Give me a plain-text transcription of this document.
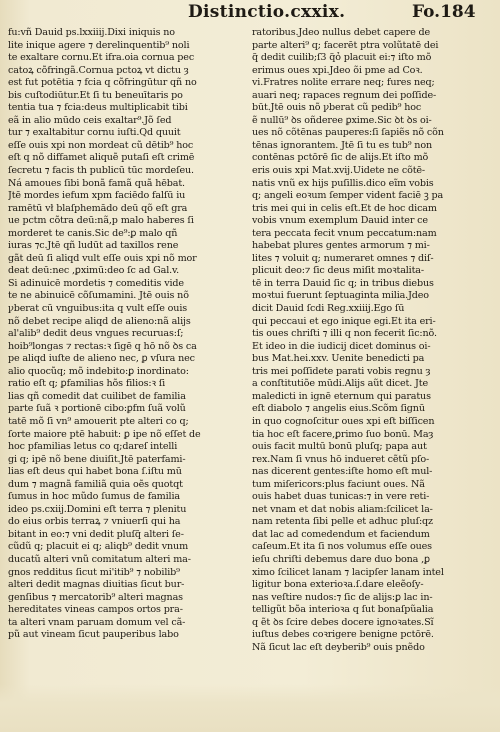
Distinctio.cxxix.	Fo.184
fu:vñ Dauid ps.lxxiiij.Dixi iniquis no
lite inique agere ⁊ derelinquentib⁹ noli
te exaltare cornu.Et ifra.oia cornua pec
catoꝝ cõfringã.Cornua pctoꝝ vt dictu ȝ
est fut potētia ⁊ fcia q cõfringūtur qñ no
bis cuſtodiūtur.Et ſi tu beneuītaris po
tentia tua ⁊ fcia:deus multiplicabit tibi
eã in alio mūdo ceis exaltar⁹.Jõ ſed
tur ⁊ exaltabitur cornu iuſti.Qd quuit
eſſe ouis xpi non mordeat cũ dētib⁹ hoc
eſt q nõ diffamet aliquẽ putaſi eſt crimē
ſecretu ⁊ facis th publicū tūc mordeſeu.
Ná amoues ſibi bonã famã quã hēbat.
Jtē mordes iefum xpm faciēdo falſū iu
ramētū vł blaſphemādo deū qõ eſt gra
ue pctm cõtra deū:nã,p malo haberes ſi
morderet te canis.Sic de⁹:ꝑ malo qñ
iuras ⁊c.Jtē qñ ludūt ad taxillos rene
gãt deū ſi aliqd vult eſſe ouis xpi nõ mor
deat deū:nec ,ꝑximū:deo ſc ad Gal.v.
Si adinuicē mordetis ⁊ comeditis vide
te ne abinuicē cõſumamini. Jtē ouis nõ
ꝩberat cū vnguibus:ita q vult eſſe ouis
nõ debet recipe aliqd de alieno:nã alijs
al'alib⁹ dedit deus vngues recuruas:ſ;
hoib⁹longas ⁊ rectas:ꝛ ſigē q hō nõ ꝺs ca
pe aliqd iuſte de alieno nec, ꝑ vſura nec
alio quocũq; mõ indebito:ꝑ inordinato:
ratio eſt q; ꝑfamilias hõs filios:ꝛ ſi
lias qñ comedit dat cuilibet de familia
parte ſuã ꝛ portionē cibo:ꝑfm ſuã volũ
tatē mõ ſi vn⁹ amouerit pte alteri co q;
ſorte maiore ptē habuit: ꝑ ipe nõ eſſet de
hoc pfamilias letus co q;dareſ intelli
gi q; ipē nõ bene diuiſit.Jtē paterfami-
lias eſt deus qui habet bona ſ.iſtu mū
dum ⁊ magnã familiã quia oẽs quotqt
ſumus in hoc mũdo ſumus de familia
ideo ps.cxiij.Domini eſt terra ⁊ plenitu
do eius orbis terraꝝ ⁊ vniuerſi qui ha
bitant in eo:⁊ vni dedit pluſq̃ alteri ſe-
cũdũ q; placuit ei q; aliqb⁹ dedit vnum
ducatũ alteri vnũ comitatum alteri ma-
gnos redditus ſicut mi'itib⁹ ⁊ nobilib⁹
alteri dedit magnas diuitias ſicut bur-
genſibus ⁊ mercatorib⁹ alteri magnas
hereditates vineas campos ortos pra-
ta alteri vnam paruam domum vel cã-
pũ aut vineam ſicut pauperibus labo
ratoribus.Jdeo nullus debet capere de
parte alteri⁹ q; facerēt ptra volũtatē dei
q̃ dedit cuilib;ſ3 q̃ỏ placuit ei:⁊ iſto mõ
erimus oues xpi.Jdeo õi pme ad Coꝛ.
vi.Fratres nolite errare neq; fures neq;
auari neq; rapaces regnum dei poſſide-
būt.Jtē ouis nõ ꝩberat cũ pedib⁹ hoc
ẽ nullū⁹ ꝺs oñderee ꝑxime.Sic ꝺt ꝺs oi-
ues nõ cõtēnas pauperes:ſi ſapiẽs nõ cõn
tēnas ignorantem. Jtē ſi tu es tub⁹ non
contēnas pctōrē ſic de alijs.Et iſto mõ
eris ouis xpi Mat.xvij.Uidete ne cõtē-
natis vnũ ex hijs puſillis.dico eĩm vobis
q; angeli eoꝛum ſemper vident faciē ꝫ pa
tris mei qui in celis eſt.Et de hoc dicam
vobis vnum exemplum Dauid inter ce
tera peccata fecit vnum peccatum:nam
habebat plures gentes armorum ⁊ mi-
lites ⁊ voluit q; numeraret omnes ⁊ diſ-
plicuit deo:⁊ ſic deus miſit moꝛtalita-
tē in terra Dauid ſic q; in tribus diebus
moꝛtui fuerunt ſeptuaginta milia.Jdeo
dicit Dauid ſcdi Reg.xxiiij.Ego ſū
qui peccaui et ego inique egi.Et ita eri-
tis oues chriſti ⁊ illi q non fecerit ſic:nõ.
Et ideo in die iudicij dicet dominus oi-
bus Mat.hei.xxv. Uenite benedicti pa
tris mei poſſidete parati vobis regnu ȝ
a conſtitutiõe mūdi.Alijs aũt dicet. Jte
maledicti in ignē eternum qui paratus
eſt diabolo ⁊ angelis eius.Scõm ſignū
in quo cognoſcitur oues xpi eſt biſſicen
tia hoc eſt facere,ꝑrimo ſuo bonū. Maȝ
ouis facit multū bonū pluſq; papa aut
rex.Nam ſi vnus hō indueret cẽtũ pſo-
nas dicerent gentes:iſte homo eſt mul-
tum miſericors:plus faciunt oues. Nã
ouis habet duas tunicas:⁊ in vere reti-
net vnam et dat nobis aliam:ſcilicet la-
nam retenta ſibi pelle et adhuc pluſ:qz
dat lac ad comedendum et faciendum
caſeum.Et ita ſi nos volumus eſſe oues
ieſu chriſti debemus dare duo bona ,ꝑ
ximo ſcilicet lanam ⁊ lacipſer lanam intel
ligitur bona exterioꝛa.ſ.dare eleẽoſy-
nas veſtire nudos:⁊ ſic de alijs:ꝑ lac in-
telligũt bõa interioꝛa q ſut bonaſpũalia
q ẽt ꝺs ſcire debes docere ignoꝛates.Sĩ
iuſtus debes coꝛrigere benigne pctōrē.
Nã ſicut lac eſt deyberib⁹ ouis pnẽdo
